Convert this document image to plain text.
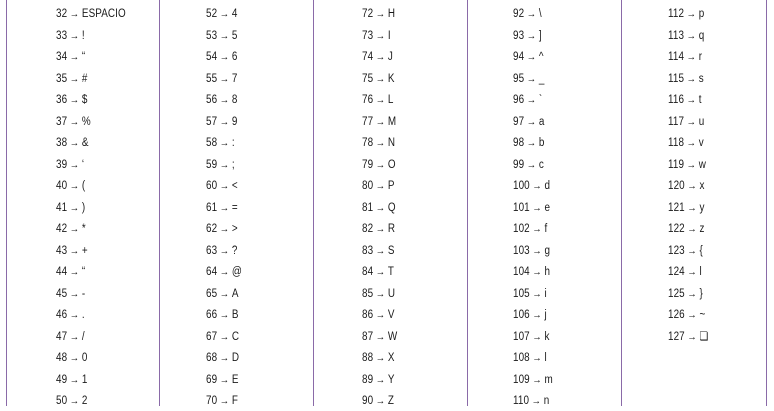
32 → ESPACIO
33 → !
34 → “
35 → #
36 → $
37 → %
38 → &
39 → ‘
40 → (
41 → )
42 → *
43 → +
44 → “
45 → -
46 → .
47 → /
48 → 0
49 → 1
50 → 2
52 → 4
53 → 5
54 → 6
55 → 7
56 → 8
57 → 9
58 → :
59 → ;
60 → <
61 → =
62 → >
63 → ?
64 → @
65 → A
66 → B
67 → C
68 → D
69 → E
70 → F
72 → H
73 → I
74 → J
75 → K
76 → L
77 → M
78 → N
79 → O
80 → P
81 → Q
82 → R
83 → S
84 → T
85 → U
86 → V
87 → W
88 → X
89 → Y
90 → Z
92 → \
93 → ]
94 → ^
95 → _
96 → `
97 → a
98 → b
99 → c
100 → d
101 → e
102 → f
103 → g
104 → h
105 → i
106 → j
107 → k
108 → l
109 → m
110 → n
112 → p
113 → q
114 → r
115 → s
116 → t
117 → u
118 → v
119 → w
120 → x
121 → y
122 → z
123 → {
124 → l
125 → }
126 → ~
127 → ❏
